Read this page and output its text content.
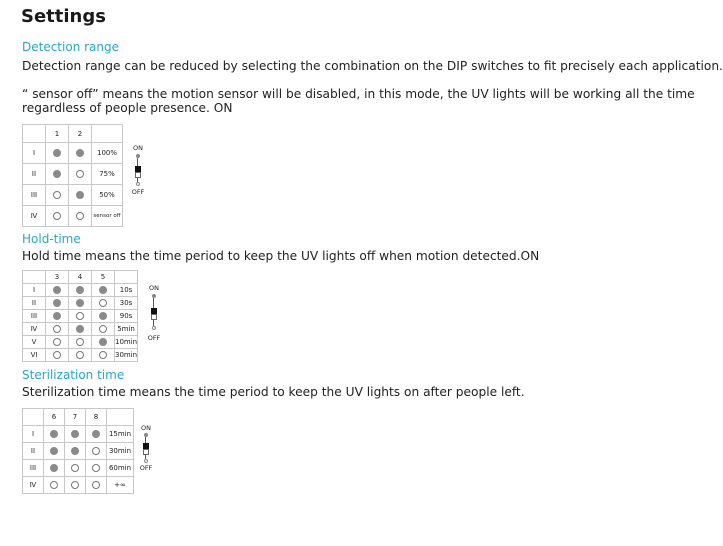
Settings
Detection range
Detection range can be reduced by selecting the combination on the DIP switches to fit precisely each application.
“ sensor off” means the motion sensor will be disabled, in this mode, the UV lights will be working all the time
regardless of people presence. ON
	1	2	
I			100%
II			75%
III			50%
Ⅳ			sensor off
ON
OFF
Hold-time
Hold time means the time period to keep the UV lights off when motion detected.ON
	3	4	5	
I				10s
II				30s
III				90s
Ⅳ				5min
V				10min
VI				30min
ON
OFF
Sterilization time
Sterilization time means the time period to keep the UV lights on after people left.
	6	7	8	
I				15min
II				30min
III				60min
Ⅳ				+∞
ON
OFF
